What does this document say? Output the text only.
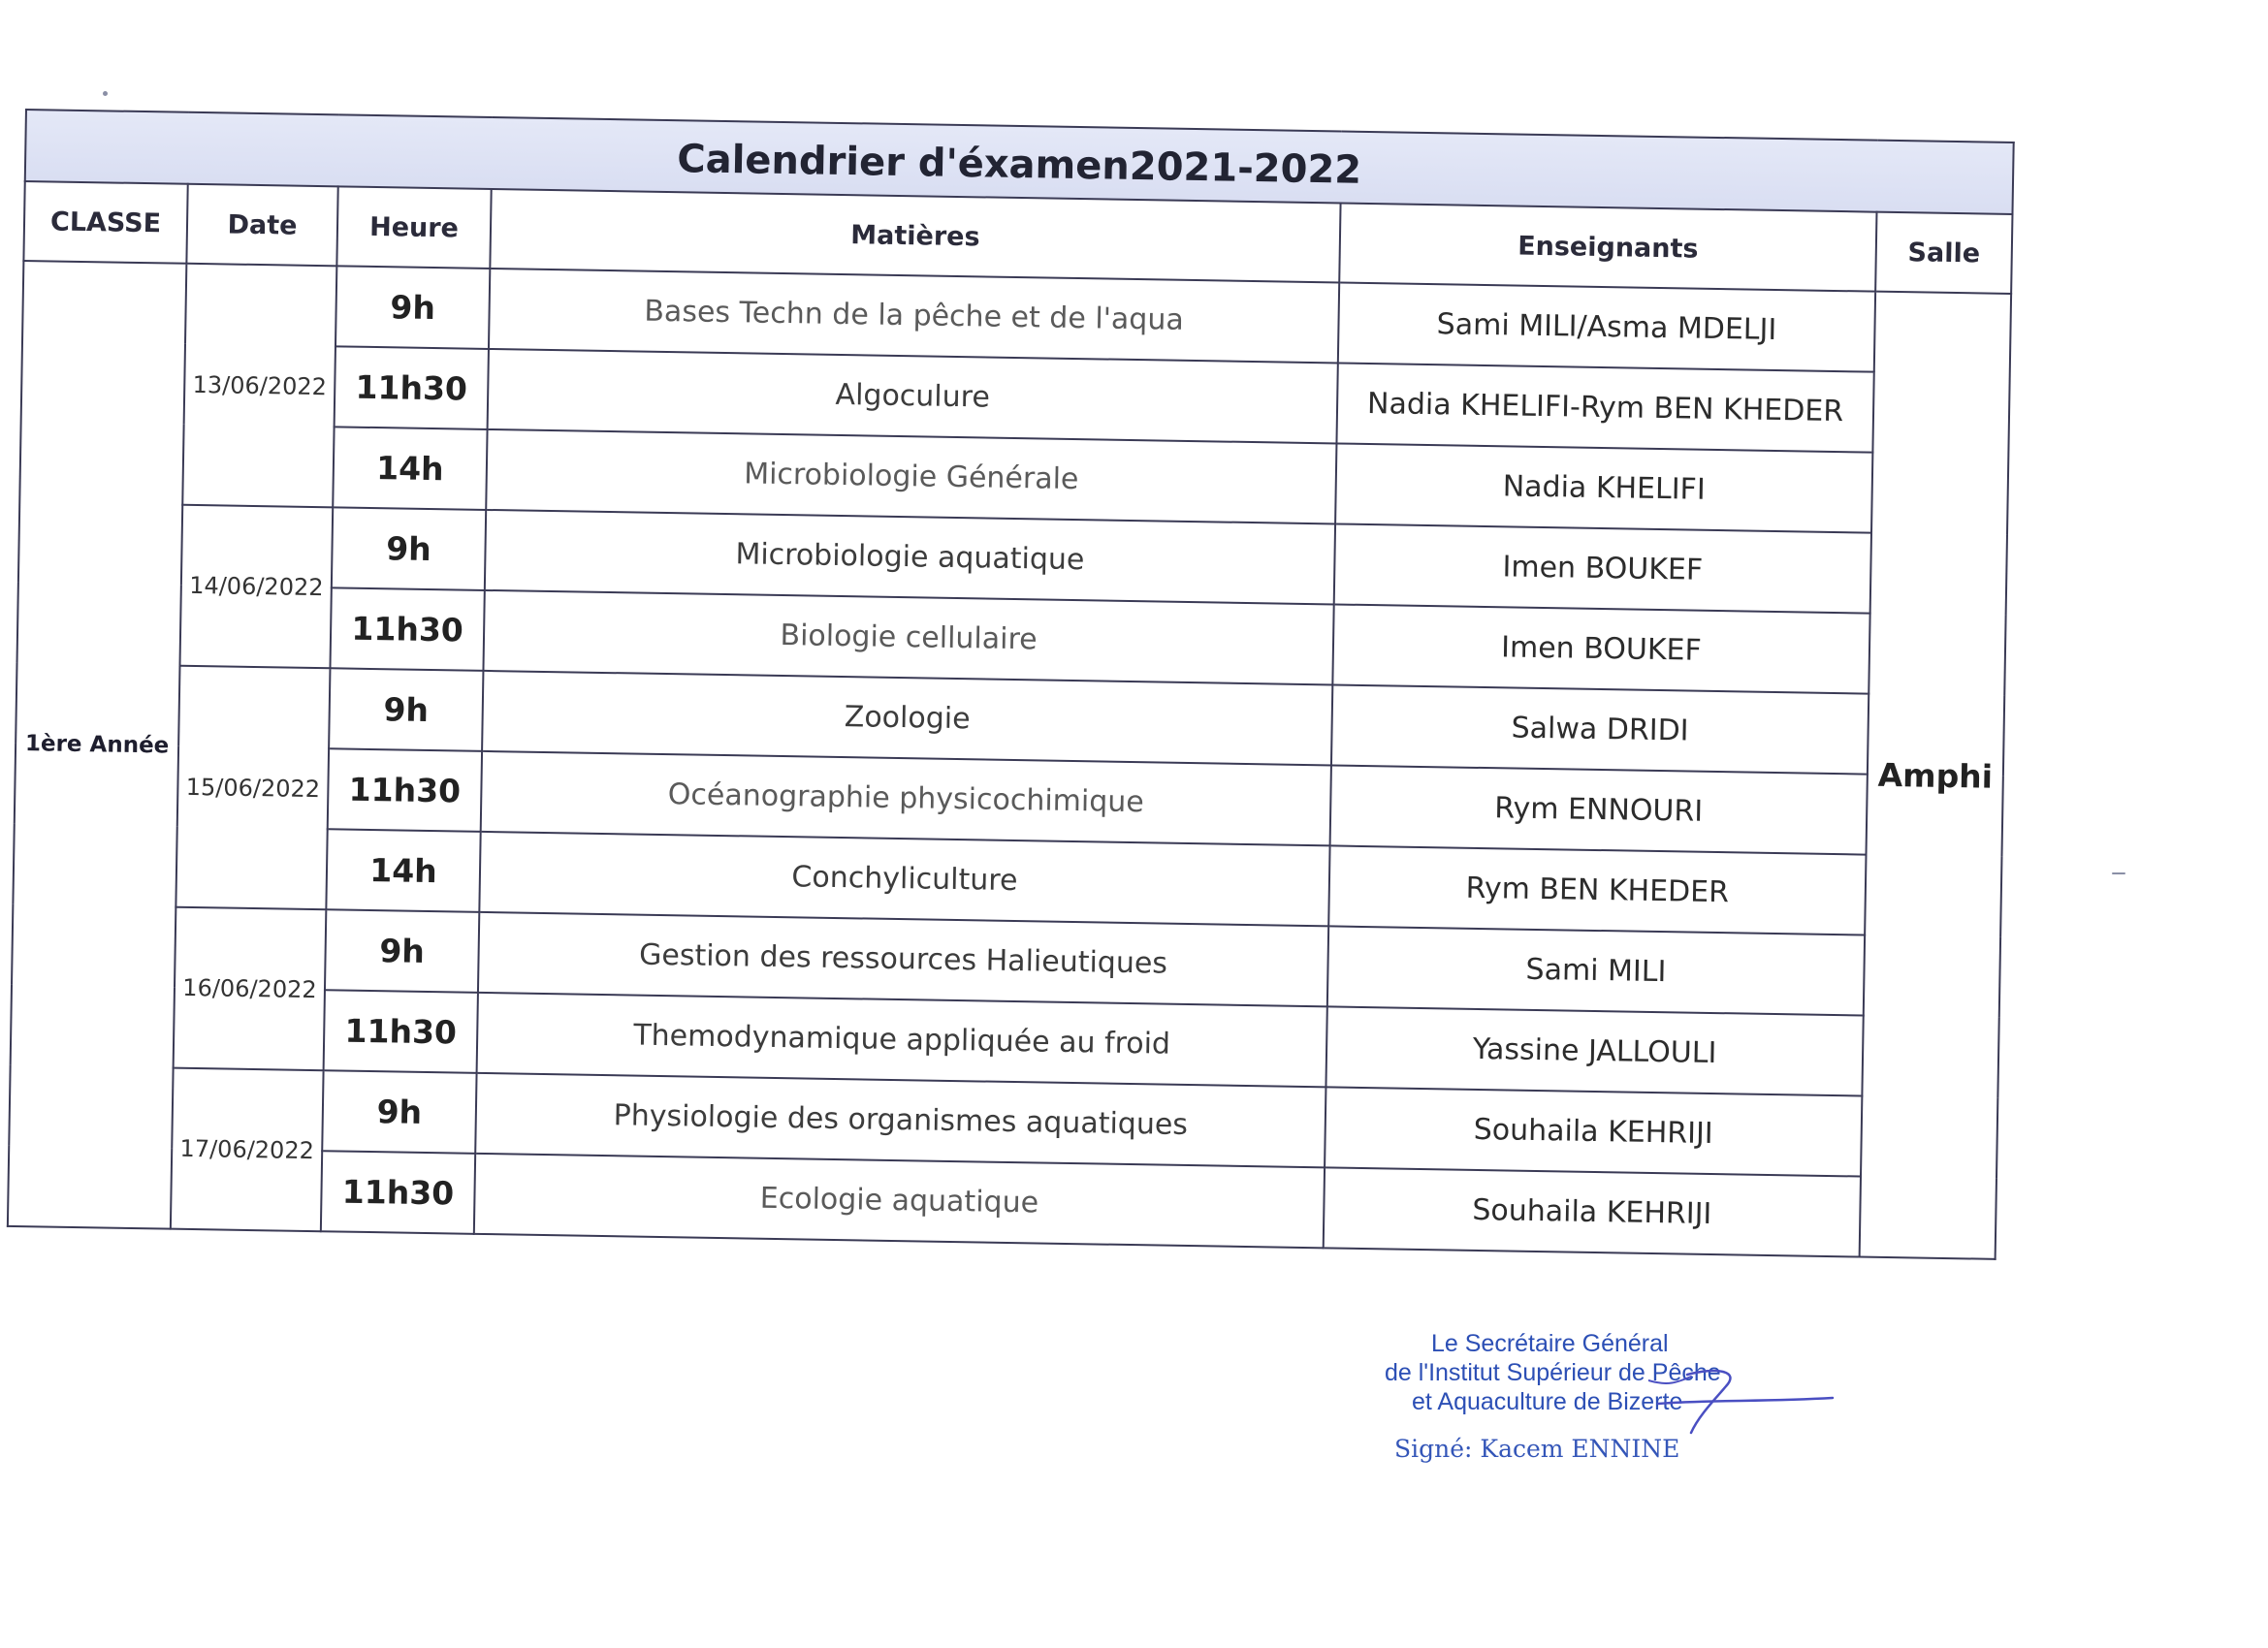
Calendrier d'éxamen2021-2022					
CLASSE	Date	Heure	Matières	Enseignants	Salle
1ère Année	13/06/2022	9h	Bases Techn de la pêche et de l'aqua	Sami MILI/Asma MDELJI	Amphi
		11h30	Algoculure	Nadia KHELIFI-Rym BEN KHEDER	
		14h	Microbiologie Générale	Nadia KHELIFI	
	14/06/2022	9h	Microbiologie aquatique	Imen BOUKEF	
		11h30	Biologie cellulaire	Imen BOUKEF	
	15/06/2022	9h	Zoologie	Salwa DRIDI	
		11h30	Océanographie physicochimique	Rym ENNOURI	
		14h	Conchyliculture	Rym BEN KHEDER	
	16/06/2022	9h	Gestion des ressources Halieutiques	Sami MILI	
		11h30	Themodynamique appliquée au froid	Yassine JALLOULI	
	17/06/2022	9h	Physiologie des organismes aquatiques	Souhaila KEHRIJI	
		11h30	Ecologie aquatique	Souhaila KEHRIJI	
Le Secrétaire Général
de l'Institut Supérieur de Pêche
et Aquaculture de Bizerte
Signé: Kacem ENNINE
